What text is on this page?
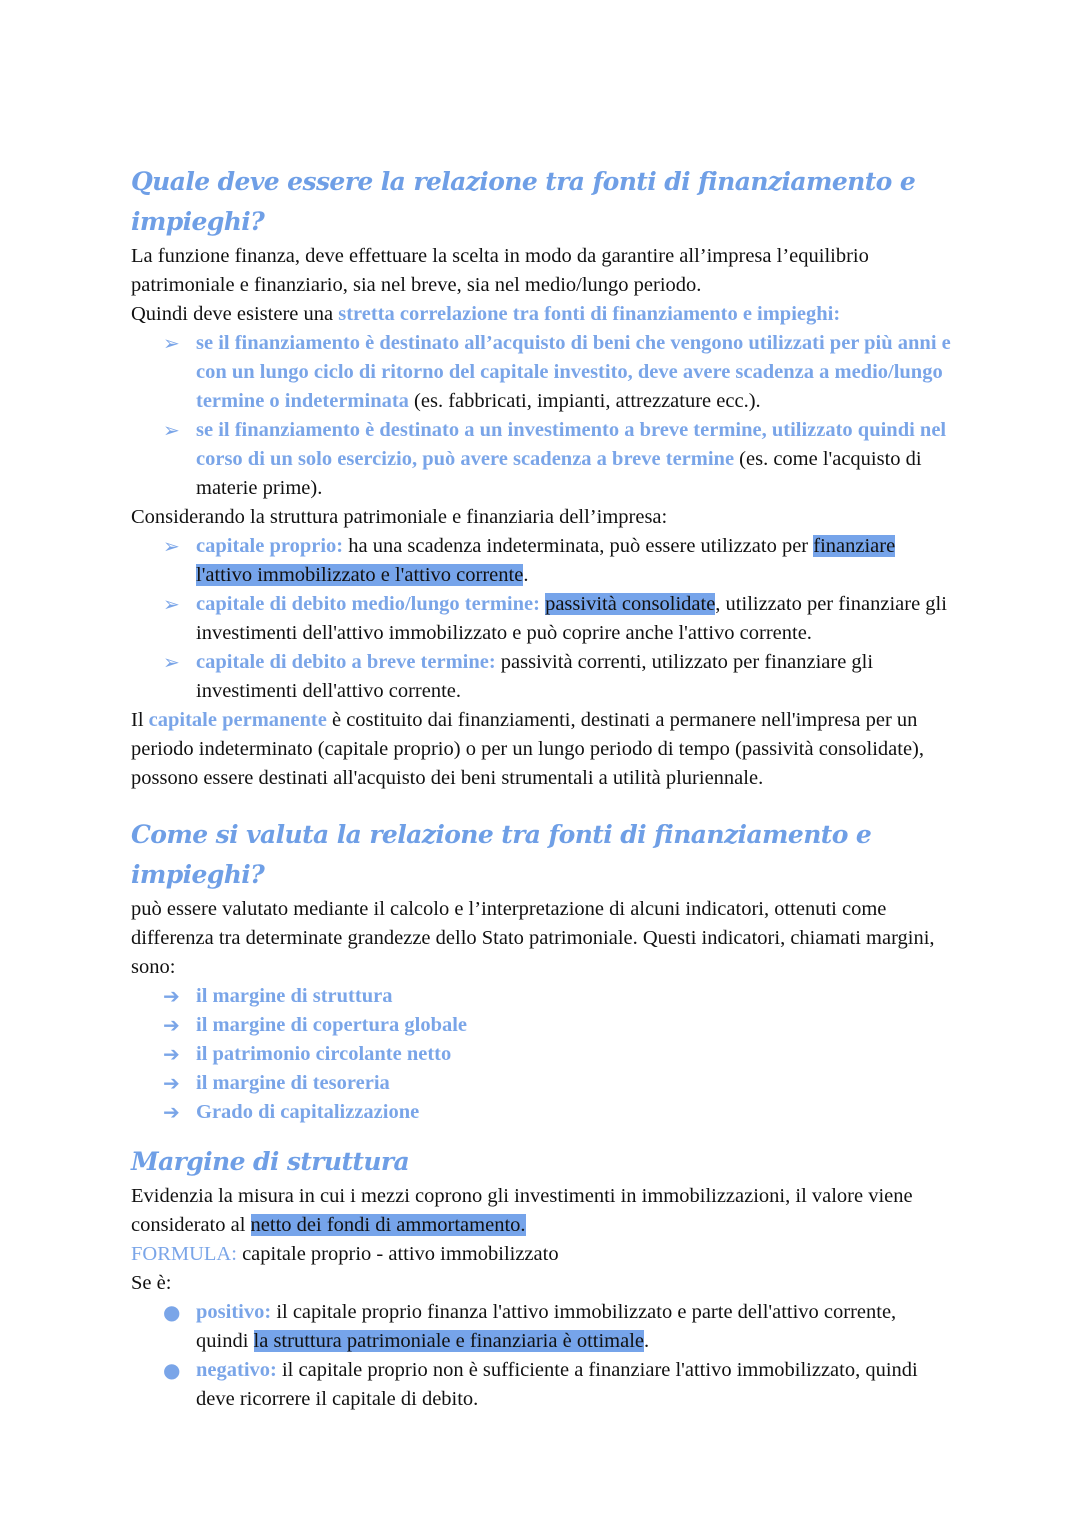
Quale deve essere la relazione tra fonti di finanziamento e impieghi?

La funzione finanza, deve effettuare la scelta in modo da garantire all’impresa l’equilibrio patrimoniale e finanziario, sia nel breve, sia nel medio/lungo periodo.

Quindi deve esistere una stretta correlazione tra fonti di finanziamento e impieghi:

➢ se il finanziamento è destinato all’acquisto di beni che vengono utilizzati per più anni e con un lungo ciclo di ritorno del capitale investito, deve avere scadenza a medio/lungo termine o indeterminata (es. fabbricati, impianti, attrezzature ecc.).
➢ se il finanziamento è destinato a un investimento a breve termine, utilizzato quindi nel corso di un solo esercizio, può avere scadenza a breve termine (es. come l'acquisto di materie prime).

Considerando la struttura patrimoniale e finanziaria dell’impresa:

➢ capitale proprio: ha una scadenza indeterminata, può essere utilizzato per finanziare l'attivo immobilizzato e l'attivo corrente.
➢ capitale di debito medio/lungo termine: passività consolidate, utilizzato per finanziare gli investimenti dell'attivo immobilizzato e può coprire anche l'attivo corrente.
➢ capitale di debito a breve termine: passività correnti, utilizzato per finanziare gli investimenti dell'attivo corrente.

Il capitale permanente è costituito dai finanziamenti, destinati a permanere nell'impresa per un periodo indeterminato (capitale proprio) o per un lungo periodo di tempo (passività consolidate), possono essere destinati all'acquisto dei beni strumentali a utilità pluriennale.

Come si valuta la relazione tra fonti di finanziamento e impieghi?

può essere valutato mediante il calcolo e l’interpretazione di alcuni indicatori, ottenuti come differenza tra determinate grandezze dello Stato patrimoniale. Questi indicatori, chiamati margini, sono:

➔ il margine di struttura
➔ il margine di copertura globale
➔ il patrimonio circolante netto
➔ il margine di tesoreria
➔ Grado di capitalizzazione
Margine di struttura

Evidenzia la misura in cui i mezzi coprono gli investimenti in immobilizzazioni, il valore viene considerato al netto dei fondi di ammortamento.

FORMULA: capitale proprio - attivo immobilizzato

Se è:

● positivo: il capitale proprio finanza l'attivo immobilizzato e parte dell'attivo corrente, quindi la struttura patrimoniale e finanziaria è ottimale.
● negativo: il capitale proprio non è sufficiente a finanziare l'attivo immobilizzato, quindi deve ricorrere il capitale di debito.
